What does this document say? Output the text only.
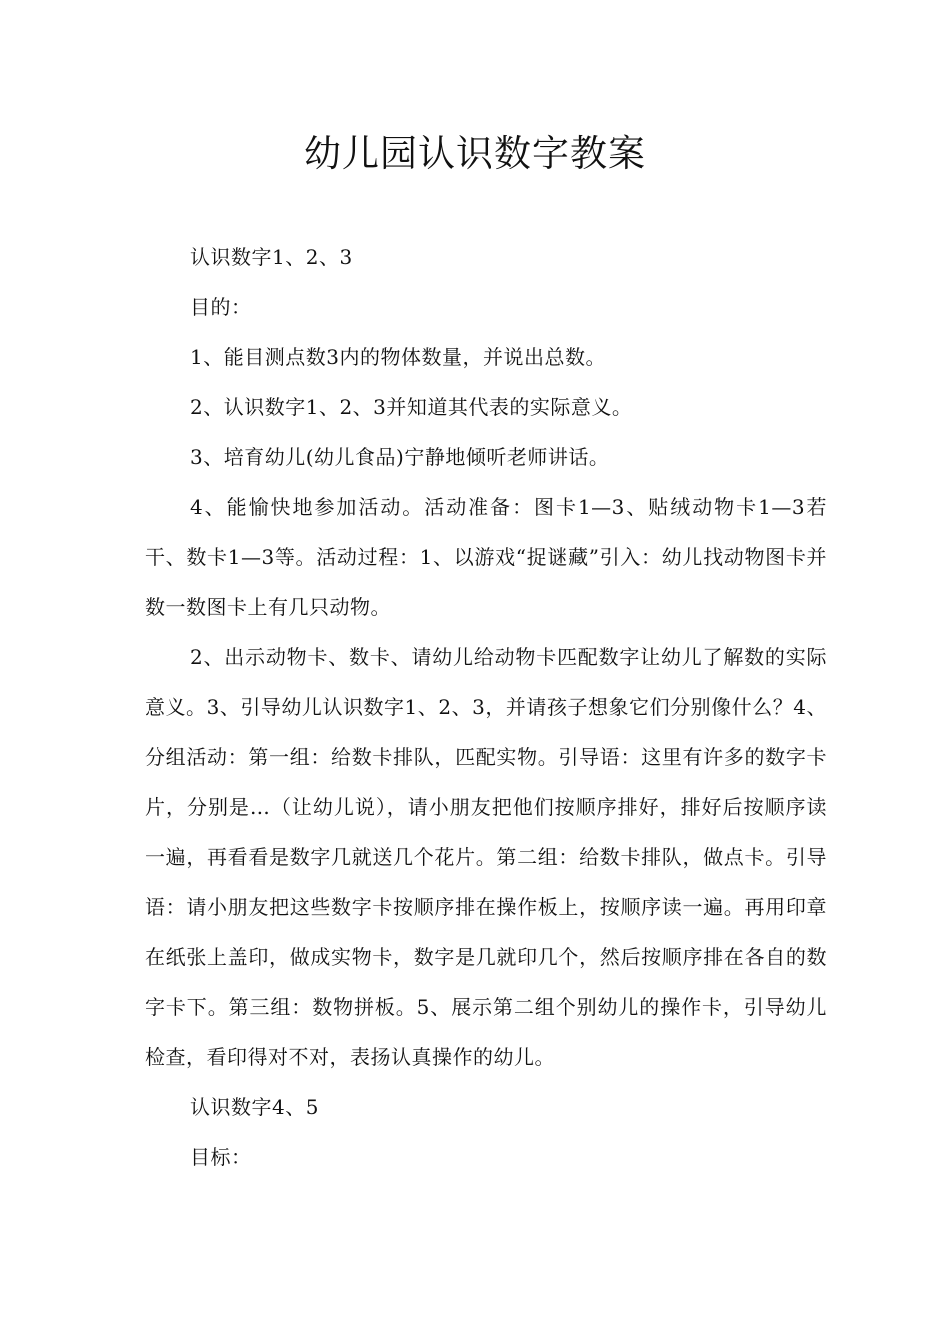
幼儿园认识数字教案

认识数字1、2、3

目的：

1、能目测点数3内的物体数量，并说出总数。

2、认识数字1、2、3并知道其代表的实际意义。

3、培育幼儿(幼儿食品)宁静地倾听老师讲话。

4、能愉快地参加活动。活动准备：图卡1—3、贴绒动物卡1—3若干、数卡1—3等。活动过程：1、以游戏“捉谜藏”引入：幼儿找动物图卡并数一数图卡上有几只动物。

2、出示动物卡、数卡、请幼儿给动物卡匹配数字让幼儿了解数的实际意义。3、引导幼儿认识数字1、2、3，并请孩子想象它们分别像什么？4、分组活动：第一组：给数卡排队，匹配实物。引导语：这里有许多的数字卡片，分别是…（让幼儿说），请小朋友把他们按顺序排好，排好后按顺序读一遍，再看看是数字几就送几个花片。第二组：给数卡排队，做点卡。引导语：请小朋友把这些数字卡按顺序排在操作板上，按顺序读一遍。再用印章在纸张上盖印，做成实物卡，数字是几就印几个，然后按顺序排在各自的数字卡下。第三组：数物拼板。5、展示第二组个别幼儿的操作卡，引导幼儿检查，看印得对不对，表扬认真操作的幼儿。

认识数字4、5

目标：
